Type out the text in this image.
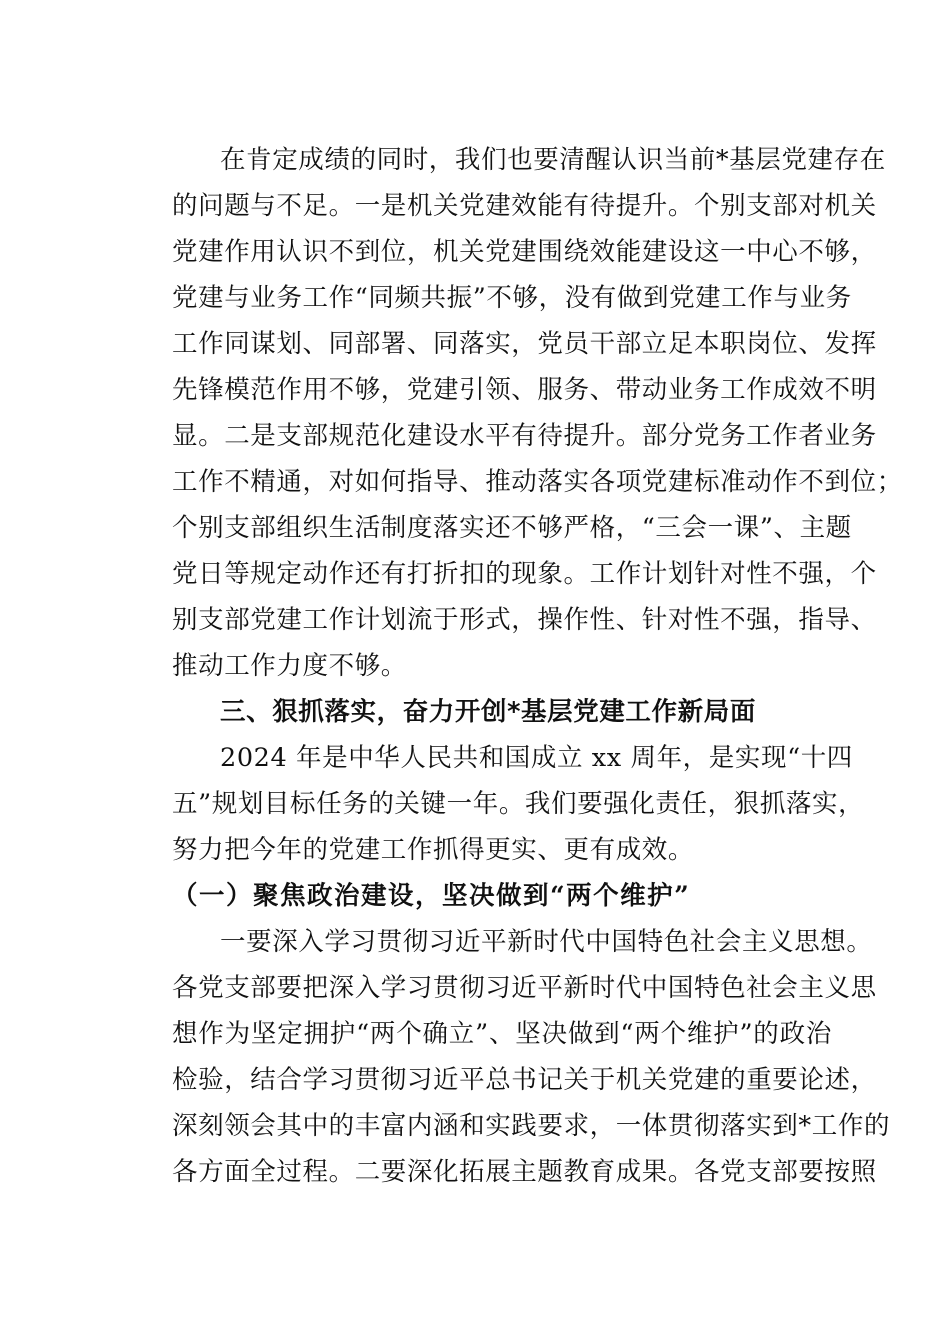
在肯定成绩的同时，我们也要清醒认识当前*基层党建存在
的问题与不足。一是机关党建效能有待提升。个别支部对机关
党建作用认识不到位，机关党建围绕效能建设这一中心不够，
党建与业务工作“同频共振”不够，没有做到党建工作与业务
工作同谋划、同部署、同落实，党员干部立足本职岗位、发挥
先锋模范作用不够，党建引领、服务、带动业务工作成效不明
显。二是支部规范化建设水平有待提升。部分党务工作者业务
工作不精通，对如何指导、推动落实各项党建标准动作不到位；
个别支部组织生活制度落实还不够严格，“三会一课”、主题
党日等规定动作还有打折扣的现象。工作计划针对性不强，个
别支部党建工作计划流于形式，操作性、针对性不强，指导、
推动工作力度不够。
三、狠抓落实，奋力开创*基层党建工作新局面
2024 年是中华人民共和国成立 xx 周年，是实现“十四
五”规划目标任务的关键一年。我们要强化责任，狠抓落实，
努力把今年的党建工作抓得更实、更有成效。
（一）聚焦政治建设，坚决做到“两个维护”
一要深入学习贯彻习近平新时代中国特色社会主义思想。
各党支部要把深入学习贯彻习近平新时代中国特色社会主义思
想作为坚定拥护“两个确立”、坚决做到“两个维护”的政治
检验，结合学习贯彻习近平总书记关于机关党建的重要论述，
深刻领会其中的丰富内涵和实践要求，一体贯彻落实到*工作的
各方面全过程。二要深化拓展主题教育成果。各党支部要按照
